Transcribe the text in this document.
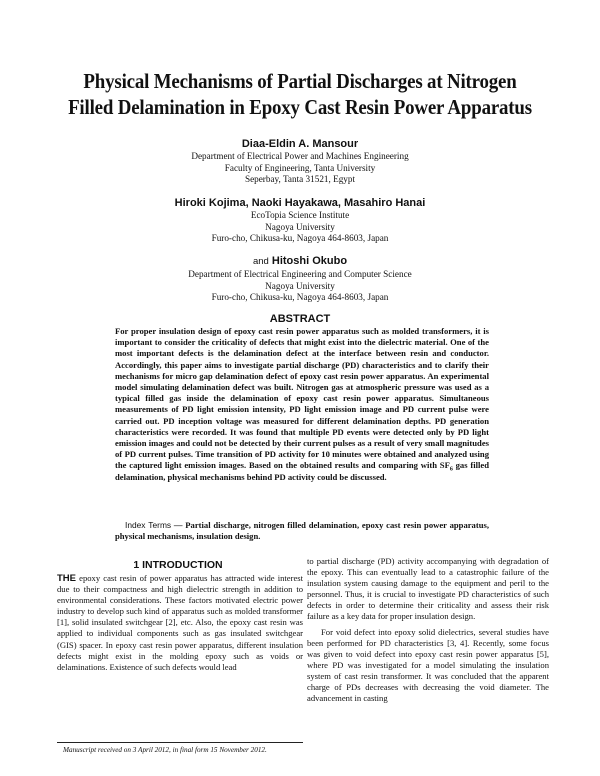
Physical Mechanisms of Partial Discharges at Nitrogen
Filled Delamination in Epoxy Cast Resin Power Apparatus
Diaa-Eldin A. Mansour
Department of Electrical Power and Machines Engineering
Faculty of Engineering, Tanta University
Seperbay, Tanta 31521, Egypt
Hiroki Kojima, Naoki Hayakawa, Masahiro Hanai
EcoTopia Science Institute
Nagoya University
Furo-cho, Chikusa-ku, Nagoya 464-8603, Japan
and Hitoshi Okubo
Department of Electrical Engineering and Computer Science
Nagoya University
Furo-cho, Chikusa-ku, Nagoya 464-8603, Japan
ABSTRACT

For proper insulation design of epoxy cast resin power apparatus such as molded transformers, it is important to consider the criticality of defects that might exist into the dielectric material. One of the most important defects is the delamination defect at the interface between resin and conductor. Accordingly, this paper aims to investigate partial discharge (PD) characteristics and to clarify their mechanisms for micro gap delamination defect of epoxy cast resin power apparatus. An experimental model simulating delamination defect was built. Nitrogen gas at atmospheric pressure was used as a typical filled gas inside the delamination of epoxy cast resin power apparatus. Simultaneous measurements of PD light emission intensity, PD light emission image and PD current pulse were carried out. PD inception voltage was measured for different delamination depths. PD generation characteristics were recorded. It was found that multiple PD events were detected only by PD light emission images and could not be detected by their current pulses as a result of very small magnitudes of PD current pulses. Time transition of PD activity for 10 minutes were obtained and analyzed using the captured light emission images. Based on the obtained results and comparing with $SF_6$ gas filled delamination, physical mechanisms behind PD activity could be discussed.

Index Terms — Partial discharge, nitrogen filled delamination, epoxy cast resin power apparatus, physical mechanisms, insulation design.

1 INTRODUCTION

THE epoxy cast resin of power apparatus has attracted wide interest due to their compactness and high dielectric strength in addition to environmental considerations. These factors motivated electric power industry to develop such kind of apparatus such as molded transformer [1], solid insulated switchgear [2], etc. Also, the epoxy cast resin was applied to individual components such as gas insulated switchgear (GIS) spacer. In epoxy cast resin power apparatus, different insulation defects might exist in the molding epoxy such as voids or delaminations. Existence of such defects would lead

to partial discharge (PD) activity accompanying with degradation of the epoxy. This can eventually lead to a catastrophic failure of the insulation system causing damage to the equipment and peril to the personnel. Thus, it is crucial to investigate PD characteristics of such defects in order to determine their criticality and assess their risk failure as a key data for proper insulation design.

For void defect into epoxy solid dielectrics, several studies have been performed for PD characteristics [3, 4]. Recently, some focus was given to void defect into epoxy cast resin power apparatus [5], where PD was investigated for a model simulating the insulation system of cast resin transformer. It was concluded that the apparent charge of PDs decreases with decreasing the void diameter. The advancement in casting

Manuscript received on 3 April 2012, in final form 15 November 2012.
